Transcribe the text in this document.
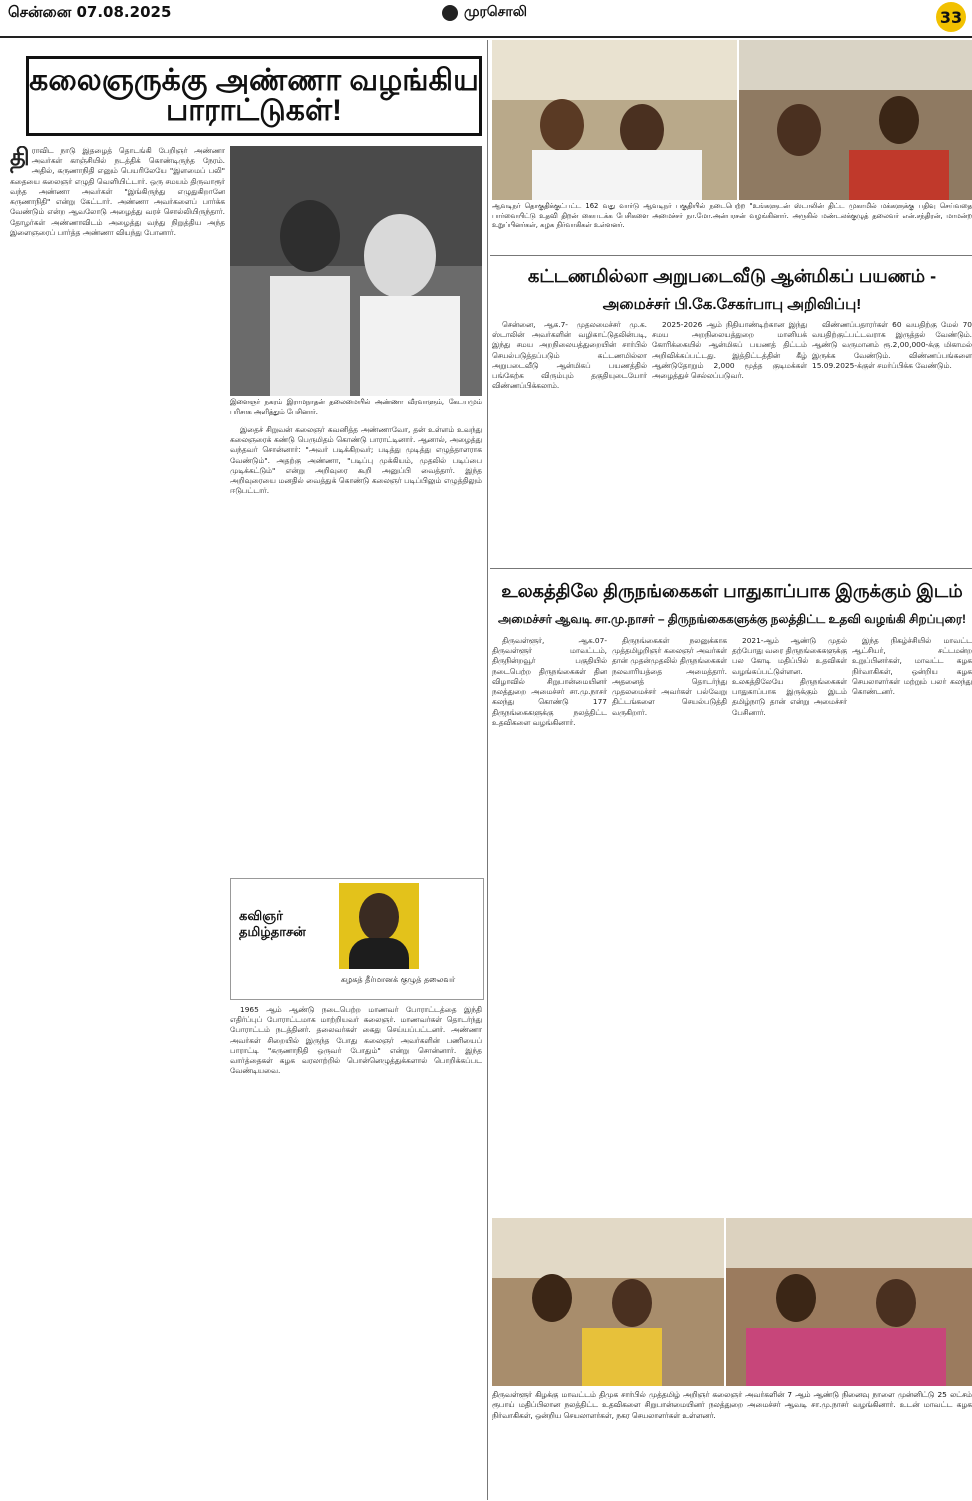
சென்னை 07.08.2025	முரசொலி	33
கலைஞருக்கு அண்ணா வழங்கிய பாராட்டுகள்!

திராவிட நாடு இதழைத் தொடங்கி பேறிஞர் அண்ணா அவர்கள் காஞ்சியில் நடத்திக் கொண்டிருந்த நேரம். அதில், கருணாநிதி எனும் பெயரிலேயே "இளமைப் பலி" கதையை கலைஞர் எழுதி வெளியிட்டார். ஒரு சமயம் திருவாரூர் வந்த அண்ணா அவர்கள் "இங்கிருந்து எழுதுகிறானே கருணாநிதி" என்று கேட்டார். அண்ணா அவர்களைப் பார்க்க வேண்டும் என்ற ஆவலோடு அழைத்து வரச் சொல்லியிருந்தார். தோழர்கள் அண்ணாவிடம் அழைத்து வந்து நிறுத்திய அந்த இளைஞரைப் பார்த்த அண்ணா வியந்து போனார்.

இளைஞர் நகரம் இராமநாதன் தலைமையில் அண்ணா வீரவாளும், கேடயமும் பரிசாக அளித்தும் பேசினார்.

இதைச் சிறுவன் கலைஞர் கவனித்த அண்ணாவோ, தன் உள்ளம் உவந்து கலைஞரைக் கண்டு பெருமிதம் கொண்டு பாராட்டினார். ஆனால், அழைத்து வந்தவர் சொன்னார்: "அவர் படிக்கிறவர்; படித்து முடித்து எழுத்தாளராக வேண்டும்". அதற்கு அண்ணா, "படிப்பு முக்கியம், முதலில் படிப்பை முடிக்கட்டும்" என்று அறிவுரை கூறி அனுப்பி வைத்தார். இந்த அறிவுரையை மனதில் வைத்துக் கொண்டு கலைஞர் படிப்பிலும் எழுத்திலும் ஈடுபட்டார்.

கவிஞர் தமிழ்தாசன்
கழகத் தீர்மானக் குழுத் தலைவர்

1965 ஆம் ஆண்டு நடைபெற்ற மாணவர் போராட்டத்தை இந்தி எதிர்ப்புப் போராட்டமாக மாற்றியவர் கலைஞர். மாணவர்கள் தொடர்ந்து போராட்டம் நடத்தினர். தலைவர்கள் கைது செய்யப்பட்டனர். அண்ணா அவர்கள் சிறையில் இருந்த போது கலைஞர் அவர்களின் பணியைப் பாராட்டி "கருணாநிதி ஒருவர் போதும்" என்று சொன்னார். இந்த வார்த்தைகள் கழக வரலாற்றில் பொன்னெழுத்துக்களால் பொறிக்கப்பட வேண்டியவை.

ஆவடிநர் தொகுதிக்குட்பட்ட 162 வது வார்டு ஆவடிநர் பகுதியில் நடைபெற்ற "உங்களுடன் ஸ்டாலின் திட்ட முகாமில் மக்களுக்கு பதிவு செய்வதை பார்வையிட்டு உதவி திறன் கையடக்க பேசிகளை அமைச்சர் நா.மோ.அன்பரசன் வழங்கினார். அருகில் மண்டலக்குழுத் தலைவர் என்.சந்திரன், மாமன்ற உறுப்பினர்கள், கழக நிர்வாகிகள் உள்ளனர்.
கட்டணமில்லா அறுபடைவீடு ஆன்மிகப் பயணம் -
அமைச்சர் பி.கே.சேகர்பாபு அறிவிப்பு!

சென்னை, ஆக.7- முதலமைச்சர் மு.க. ஸ்டாலின் அவர்களின் வழிகாட்டுதலின்படி, இந்து சமய அறநிலையத்துறையின் சார்பில் செயல்படுத்தப்படும் கட்டணமில்லா அறுபடைவீடு ஆன்மிகப் பயணத்தில் பங்கேற்க விரும்பும் தகுதியுடையோர் விண்ணப்பிக்கலாம்.

2025-2026 ஆம் நிதியாண்டிற்கான இந்து சமய அறநிலையத்துறை மானியக் கோரிக்கையில் ஆன்மிகப் பயணத் திட்டம் அறிவிக்கப்பட்டது. இத்திட்டத்தின் கீழ் ஆண்டுதோறும் 2,000 மூத்த குடிமக்கள் அழைத்துச் செல்லப்படுவர்.

விண்ணப்பதாரர்கள் 60 வயதிற்கு மேல் 70 வயதிற்குட்பட்டவராக இருத்தல் வேண்டும். ஆண்டு வருமானம் ரூ.2,00,000-க்கு மிகாமல் இருக்க வேண்டும். விண்ணப்பங்களை 15.09.2025-க்குள் சமர்ப்பிக்க வேண்டும்.

உலகத்திலே திருநங்கைகள் பாதுகாப்பாக இருக்கும் இடம்
அமைச்சர் ஆவடி சா.மு.நாசர் – திருநங்கைகளுக்கு நலத்திட்ட உதவி வழங்கி சிறப்புரை!

திருவள்ளூர், ஆக.07- திருவள்ளூர் மாவட்டம், திருநின்றவூர் பகுதியில் நடைபெற்ற திருநங்கைகள் தின விழாவில் சிறுபான்மையினர் நலத்துறை அமைச்சர் சா.மு.நாசர் கலந்து கொண்டு 177 திருநங்கைகளுக்கு நலத்திட்ட உதவிகளை வழங்கினார்.

திருநங்கைகள் நலனுக்காக முத்தமிழறிஞர் கலைஞர் அவர்கள் தான் முதன்முதலில் திருநங்கைகள் நலவாரியத்தை அமைத்தார். அதனைத் தொடர்ந்து முதலமைச்சர் அவர்கள் பல்வேறு திட்டங்களை செயல்படுத்தி வருகிறார்.

2021-ஆம் ஆண்டு முதல் தற்போது வரை திருநங்கைகளுக்கு பல கோடி மதிப்பில் உதவிகள் வழங்கப்பட்டுள்ளன. உலகத்திலேயே திருநங்கைகள் பாதுகாப்பாக இருக்கும் இடம் தமிழ்நாடு தான் என்று அமைச்சர் பேசினார்.

இந்த நிகழ்ச்சியில் மாவட்ட ஆட்சியர், சட்டமன்ற உறுப்பினர்கள், மாவட்ட கழக நிர்வாகிகள், ஒன்றிய கழக செயலாளர்கள் மற்றும் பலர் கலந்து கொண்டனர்.

திருவள்ளூர் கிழக்கு மாவட்டம் திமுக சார்பில் முத்தமிழ் அறிஞர் கலைஞர் அவர்களின் 7 ஆம் ஆண்டு நினைவு நாளை முன்னிட்டு 25 லட்சம் ரூபாய் மதிப்பிலான நலத்திட்ட உதவிகளை சிறுபான்மையினர் நலத்துறை அமைச்சர் ஆவடி சா.மு.நாசர் வழங்கினார். உடன் மாவட்ட கழக நிர்வாகிகள், ஒன்றிய செயலாளர்கள், நகர செயலாளர்கள் உள்ளனர்.
